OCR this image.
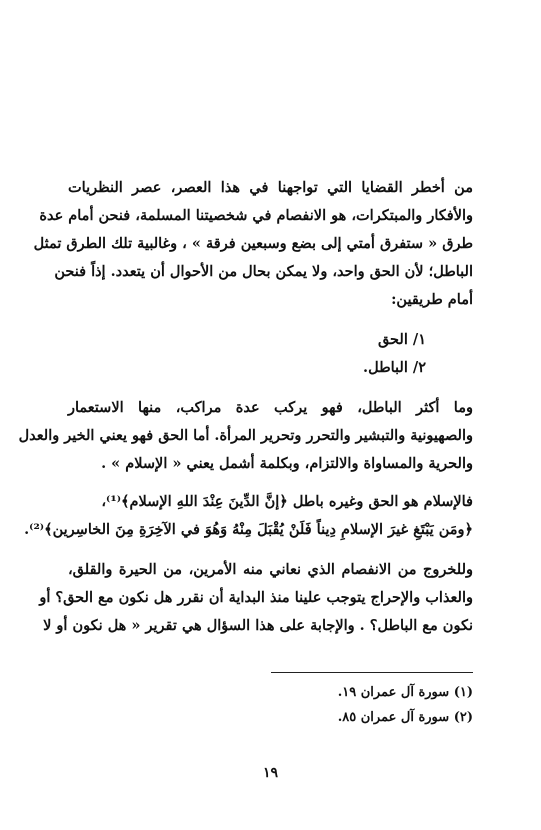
من أخطر القضايا التي تواجهنا في هذا العصر، عصر النظريات
والأفكار والمبتكرات، هو الانفصام في شخصيتنا المسلمة، فنحن أمام عدة
طرق « ستفرق أمتي إلى بضع وسبعين فرقة » ، وغالبية تلك الطرق تمثل
الباطل؛ لأن الحق واحد، ولا يمكن بحال من الأحوال أن يتعدد. إذاً فنحن
أمام طريقين:
١/ الحق
٢/ الباطل.
وما أكثر الباطل، فهو يركب عدة مراكب، منها الاستعمار
والصهيونية والتبشير والتحرر وتحرير المرأة. أما الحق فهو يعني الخير والعدل
والحرية والمساواة والالتزام، وبكلمة أشمل يعني « الإسلام » .
فالإسلام هو الحق وغيره باطل ﴿إنَّ الدِّينَ عِنْدَ اللهِ الإسلام﴾⁽¹⁾،
﴿ومَن يَبْتَغِ غيرَ الإسلامِ دِيناً فَلَنْ يُقْبَلَ مِنْهُ وَهُوَ في الآخِرَةِ مِنَ الخاسِرين﴾⁽²⁾.
وللخروج من الانفصام الذي نعاني منه الأمرين، من الحيرة والقلق،
والعذاب والإحراج يتوجب علينا منذ البداية أن نقرر هل نكون مع الحق؟ أو
نكون مع الباطل؟ . والإجابة على هذا السؤال هي تقرير « هل نكون أو لا
(١) سورة آل عمران ١٩.
(٢) سورة آل عمران ٨٥.
١٩
